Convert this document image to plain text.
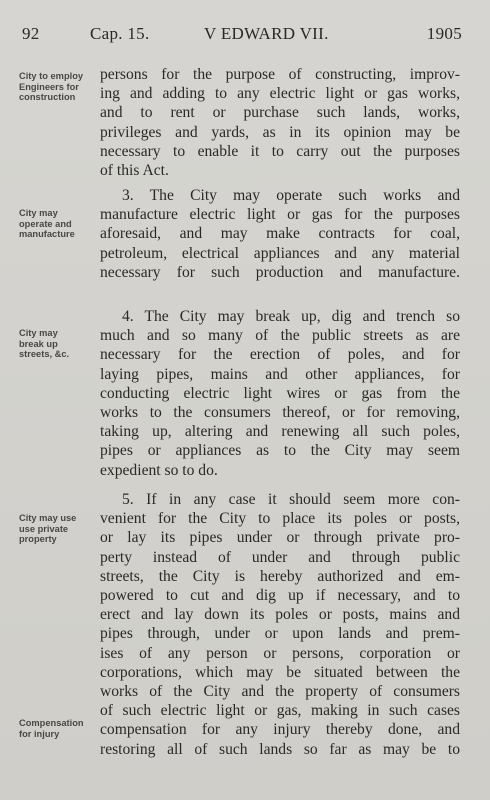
92	Cap. 15.	V EDWARD VII.	1905
City to employ
Engineers for
construction
City may
operate and
manufacture
City may
break up
streets, &c.
City may use
use private
property
Compensation
for injury
persons for the purpose of constructing, improv-
ing and adding to any electric light or gas works,
and to rent or purchase such lands, works,
privileges and yards, as in its opinion may be
necessary to enable it to carry out the purposes
of this Act.
3. The City may operate such works and
manufacture electric light or gas for the purposes
aforesaid, and may make contracts for coal,
petroleum, electrical appliances and any material
necessary for such production and manufacture.
4. The City may break up, dig and trench so
much and so many of the public streets as are
necessary for the erection of poles, and for
laying pipes, mains and other appliances, for
conducting electric light wires or gas from the
works to the consumers thereof, or for removing,
taking up, altering and renewing all such poles,
pipes or appliances as to the City may seem
expedient so to do.
5. If in any case it should seem more con-
venient for the City to place its poles or posts,
or lay its pipes under or through private pro-
perty instead of under and through public
streets, the City is hereby authorized and em-
powered to cut and dig up if necessary, and to
erect and lay down its poles or posts, mains and
pipes through, under or upon lands and prem-
ises of any person or persons, corporation or
corporations, which may be situated between the
works of the City and the property of consumers
of such electric light or gas, making in such cases
compensation for any injury thereby done, and
restoring all of such lands so far as may be to
